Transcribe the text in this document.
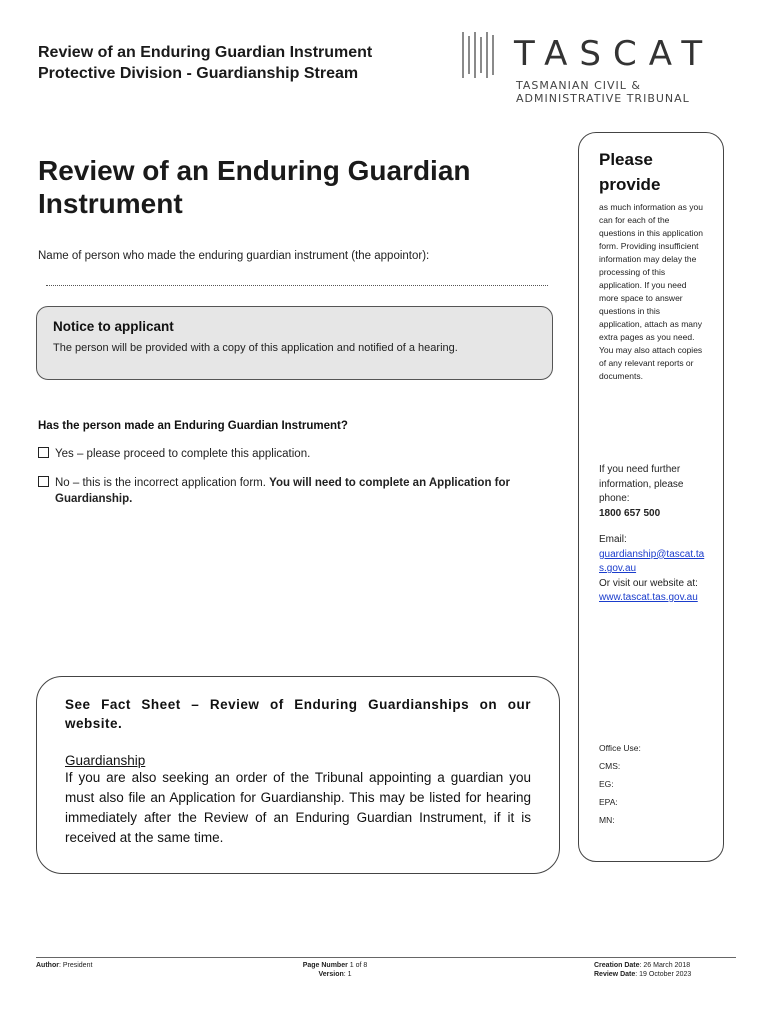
Review of an Enduring Guardian Instrument
Protective Division - Guardianship Stream	TASCAT
TASMANIAN CIVIL &
ADMINISTRATIVE TRIBUNAL
Review of an Enduring Guardian Instrument
Name of person who made the enduring guardian instrument (the appointor):
Notice to applicant
The person will be provided with a copy of this application and notified of a hearing.
Has the person made an Enduring Guardian Instrument?
Yes – please proceed to complete this application.
No – this is the incorrect application form. You will need to complete an Application for
Guardianship.
See Fact Sheet – Review of Enduring Guardianships on our website.
Guardianship
If you are also seeking an order of the Tribunal appointing a guardian you must also file an Application for Guardianship. This may be listed for hearing immediately after the Review of an Enduring Guardian Instrument, if it is received at the same time.
Please
provide
as much information as you can for each of the questions in this application form. Providing insufficient information may delay the processing of this application. If you need more space to answer questions in this application, attach as many extra pages as you need. You may also attach copies of any relevant reports or documents.
If you need further information, please phone:
1800 657 500
Email:
guardianship@tascat.tas.gov.au
Or visit our website at:
www.tascat.tas.gov.au
Office Use:
CMS:
EG:
EPA:
MN:
Author: President	Page Number 1 of 8
Version: 1
Creation Date: 26 March 2018
Review Date: 19 October 2023
